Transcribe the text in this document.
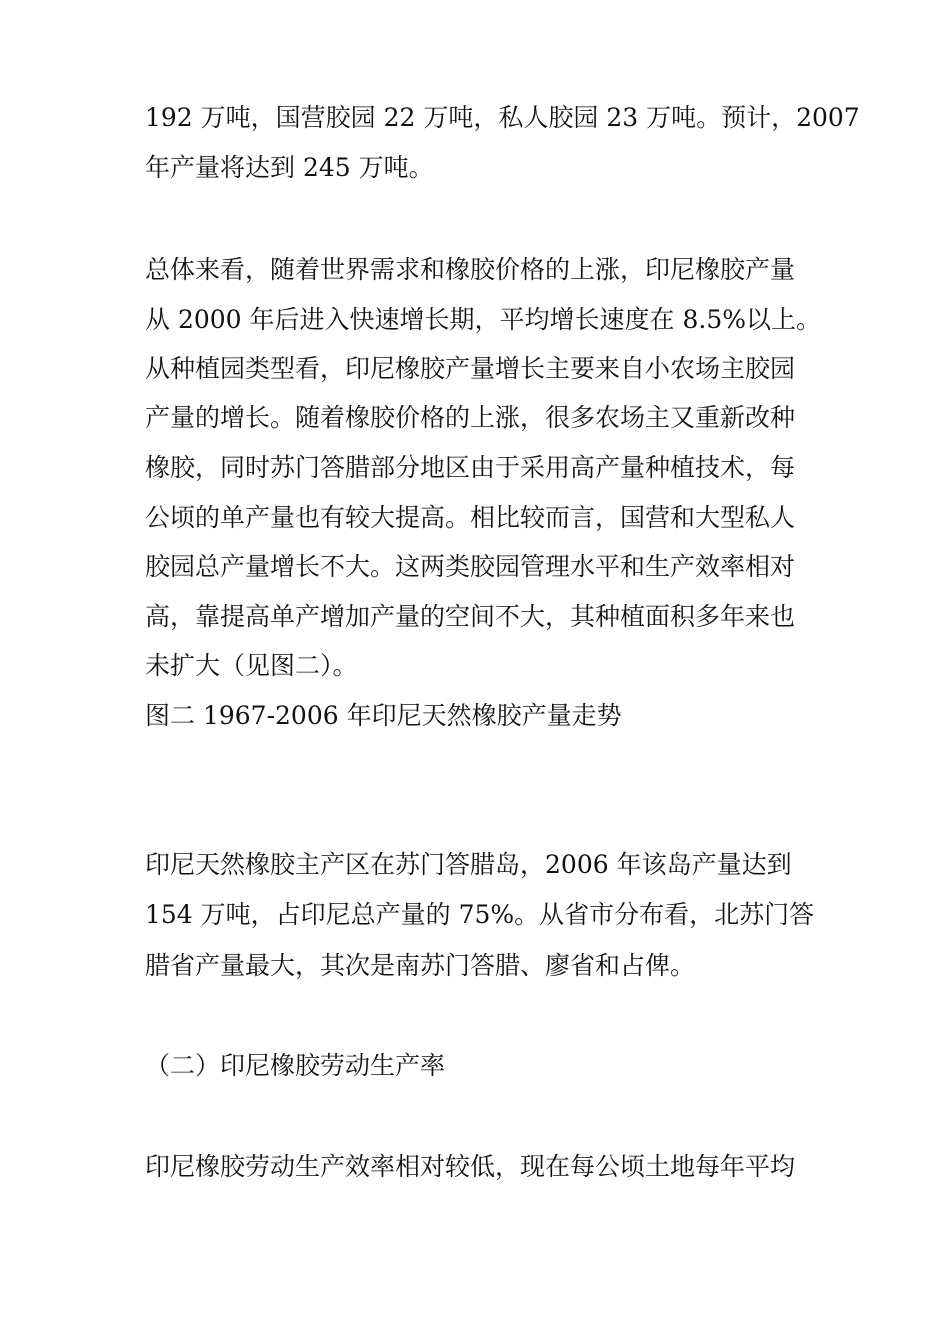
192 万吨，国营胶园 22 万吨，私人胶园 23 万吨。预计，2007
年产量将达到 245 万吨。
总体来看，随着世界需求和橡胶价格的上涨，印尼橡胶产量
从 2000 年后进入快速增长期，平均增长速度在 8.5%以上。
从种植园类型看，印尼橡胶产量增长主要来自小农场主胶园
产量的增长。随着橡胶价格的上涨，很多农场主又重新改种
橡胶，同时苏门答腊部分地区由于采用高产量种植技术，每
公顷的单产量也有较大提高。相比较而言，国营和大型私人
胶园总产量增长不大。这两类胶园管理水平和生产效率相对
高，靠提高单产增加产量的空间不大，其种植面积多年来也
未扩大（见图二）。
图二 1967-2006 年印尼天然橡胶产量走势
印尼天然橡胶主产区在苏门答腊岛，2006 年该岛产量达到
154 万吨，占印尼总产量的 75%。从省市分布看，北苏门答
腊省产量最大，其次是南苏门答腊、廖省和占俾。
（二）印尼橡胶劳动生产率
印尼橡胶劳动生产效率相对较低，现在每公顷土地每年平均
